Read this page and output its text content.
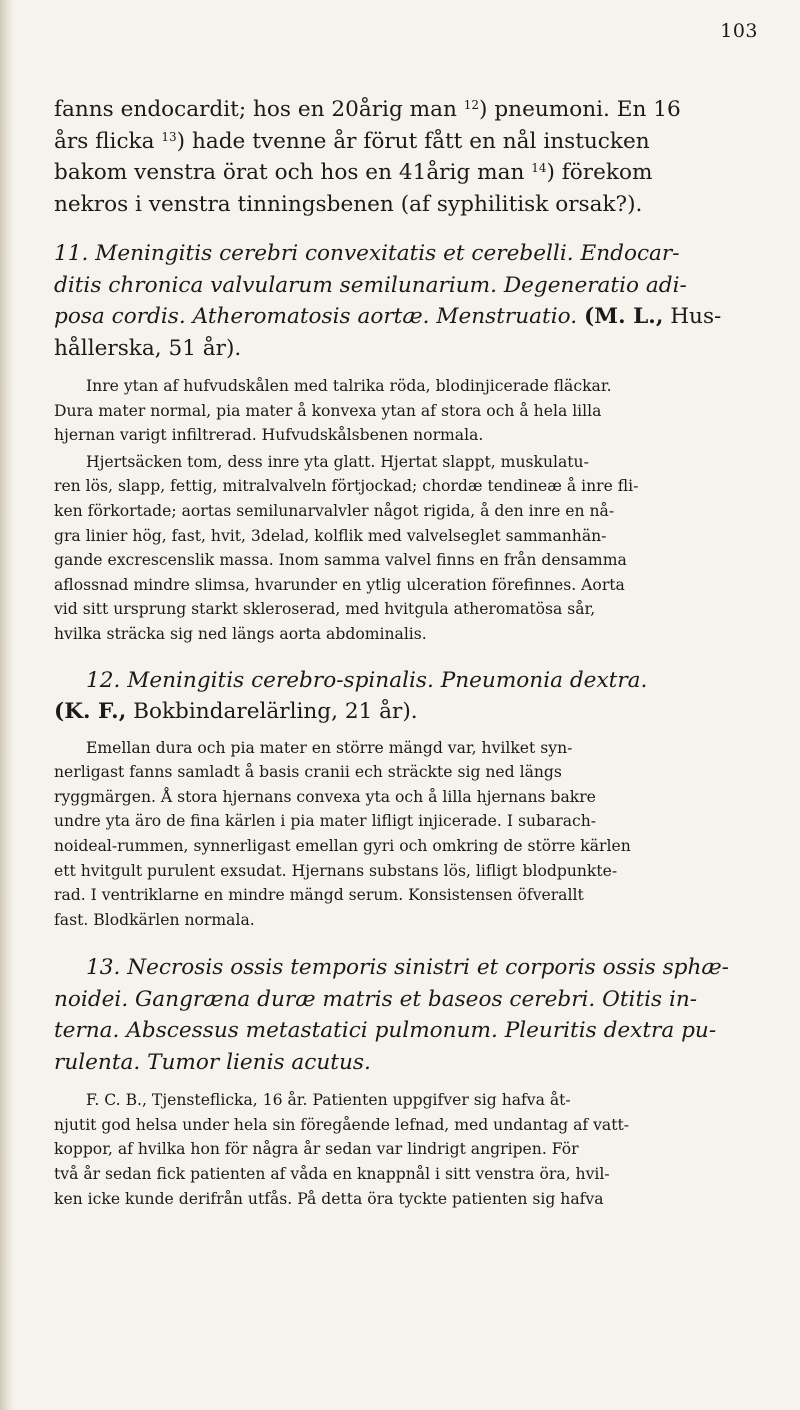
103

fanns endocardit; hos en 20årig man $^{12}$) pneumoni. En 16
års flicka $^{13}$) hade tvenne år förut fått en nål instucken
bakom venstra örat och hos en 41årig man $^{14}$) förekom
nekros i venstra tinningsbenen (af syphilitisk orsak?).

11. Meningitis cerebri convexitatis et cerebelli. Endocar-
ditis chronica valvularum semilunarium. Degeneratio adi-
posa cordis. Atheromatosis aortæ. Menstruatio. (M. L., Hus-
hållerska, 51 år).

Inre ytan af hufvudskålen med talrika röda, blodinjicerade fläckar.

Dura mater normal, pia mater å konvexa ytan af stora och å hela lilla
hjernan varigt infiltrerad. Hufvudskålsbenen normala.

Hjertsäcken tom, dess inre yta glatt. Hjertat slappt, muskulatu-
ren lös, slapp, fettig, mitralvalveln förtjockad; chordæ tendineæ å inre fli-
ken förkortade; aortas semilunarvalvler något rigida, å den inre en nå-
gra linier hög, fast, hvit, 3delad, kolflik med valvelseglet sammanhän-
gande excrescenslik massa. Inom samma valvel finns en från densamma
aflossnad mindre slimsa, hvarunder en ytlig ulceration förefinnes. Aorta
vid sitt ursprung starkt skleroserad, med hvitgula atheromatösa sår,
hvilka sträcka sig ned längs aorta abdominalis.

12. Meningitis cerebro-spinalis. Pneumonia dextra.
(K. F., Bokbindarelärling, 21 år).

Emellan dura och pia mater en större mängd var, hvilket syn-
nerligast fanns samladt å basis cranii ech sträckte sig ned längs
ryggmärgen. Å stora hjernans convexa yta och å lilla hjernans bakre
undre yta äro de fina kärlen i pia mater lifligt injicerade. I subarach-
noideal-rummen, synnerligast emellan gyri och omkring de större kärlen
ett hvitgult purulent exsudat. Hjernans substans lös, lifligt blodpunkte-
rad. I ventriklarne en mindre mängd serum. Konsistensen öfverallt
fast. Blodkärlen normala.

13. Necrosis ossis temporis sinistri et corporis ossis sphæ-
noidei. Gangræna duræ matris et baseos cerebri. Otitis in-
terna. Abscessus metastatici pulmonum. Pleuritis dextra pu-
rulenta. Tumor lienis acutus.

F. C. B., Tjensteflicka, 16 år. Patienten uppgifver sig hafva åt-
njutit god helsa under hela sin föregående lefnad, med undantag af vatt-
koppor, af hvilka hon för några år sedan var lindrigt angripen. För
två år sedan fick patienten af våda en knappnål i sitt venstra öra, hvil-
ken icke kunde derifrån utfås. På detta öra tyckte patienten sig hafva
